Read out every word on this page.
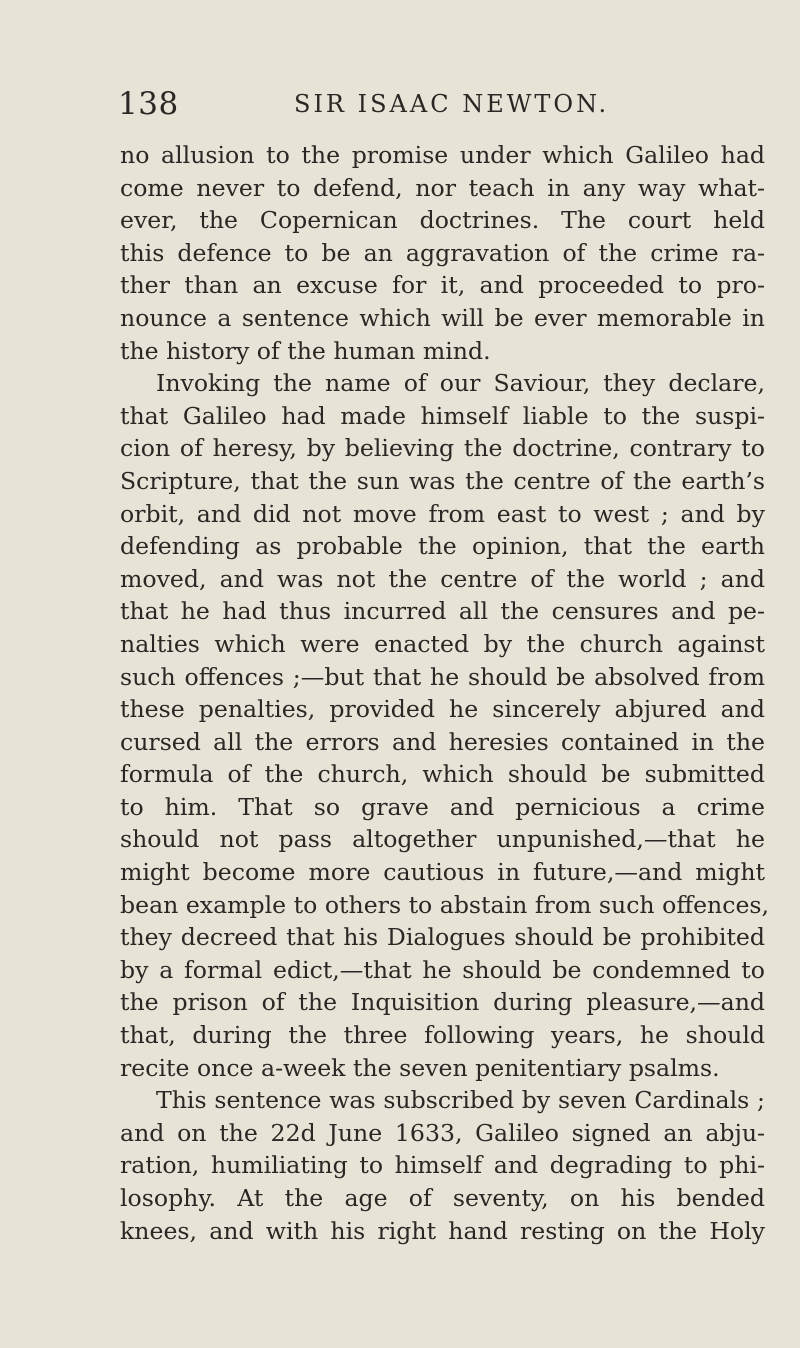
138	SIR ISAAC NEWTON.
no allusion to the promise under which Galileo had
come never to defend, nor teach in any way what-
ever, the Copernican doctrines. The court held
this defence to be an aggravation of the crime ra-
ther than an excuse for it, and proceeded to pro-
nounce a sentence which will be ever memorable in
the history of the human mind.
Invoking the name of our Saviour, they declare,
that Galileo had made himself liable to the suspi-
cion of heresy, by believing the doctrine, contrary to
Scripture, that the sun was the centre of the earth’s
orbit, and did not move from east to west ; and by
defending as probable the opinion, that the earth
moved, and was not the centre of the world ; and
that he had thus incurred all the censures and pe-
nalties which were enacted by the church against
such offences ;—but that he should be absolved from
these penalties, provided he sincerely abjured and
cursed all the errors and heresies contained in the
formula of the church, which should be submitted
to him. That so grave and pernicious a crime
should not pass altogether unpunished,—that he
might become more cautious in future,—and might
bean example to others to abstain from such offences,
they decreed that his Dialogues should be prohibited
by a formal edict,—that he should be condemned to
the prison of the Inquisition during pleasure,—and
that, during the three following years, he should
recite once a-week the seven penitentiary psalms.
This sentence was subscribed by seven Cardinals ;
and on the 22d June 1633, Galileo signed an abju-
ration, humiliating to himself and degrading to phi-
losophy. At the age of seventy, on his bended
knees, and with his right hand resting on the Holy
